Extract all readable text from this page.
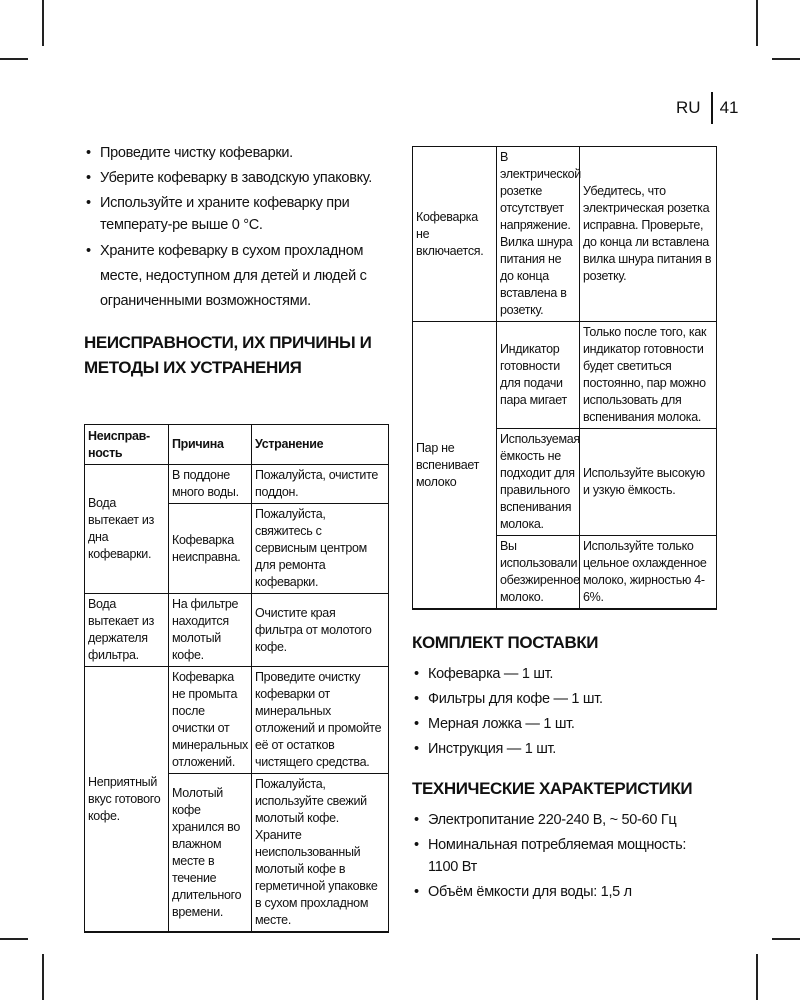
RU 41
• Проведите чистку кофеварки.
• Уберите кофеварку в заводскую упаковку.
• Используйте и храните кофеварку при температу-ре выше 0 °С.
• Храните кофеварку в сухом прохладном месте, недоступном для детей и людей с ограниченными возможностями.
НЕИСПРАВНОСТИ, ИХ ПРИЧИНЫ И МЕТОДЫ ИХ УСТРАНЕНИЯ
Неисправ-ность	Причина	Устранение
Вода вытекает из дна кофеварки.	В поддоне много воды.	Пожалуйста, очистите поддон.
	Кофеварка неисправна.	Пожалуйста, свяжитесь с сервисным центром для ремонта кофеварки.
Вода вытекает из держателя фильтра.	На фильтре находится молотый кофе.	Очистите края фильтра от молотого кофе.
Неприятный вкус готового кофе.	Кофеварка не промыта после очистки от минеральных отложений.	Проведите очистку кофеварки от минеральных отложений и промойте её от остатков чистящего средства.
	Молотый кофе хранился во влажном месте в течение длительного времени.	Пожалуйста, используйте свежий молотый кофе. Храните неиспользованный молотый кофе в герметичной упаковке в сухом прохладном месте.
Кофеварка не включается.	В электрической розетке отсутствует напряжение. Вилка шнура питания не до конца вставлена в розетку.	Убедитесь, что электрическая розетка исправна. Проверьте, до конца ли вставлена вилка шнура питания в розетку.
Пар не вспенивает молоко	Индикатор готовности для подачи пара мигает	Только после того, как индикатор готовности будет светиться постоянно, пар можно использовать для вспенивания молока.
	Используемая ёмкость не подходит для правильного вспенивания молока.	Используйте высокую и узкую ёмкость.
	Вы использовали обезжиренное молоко.	Используйте только цельное охлажденное молоко, жирностью 4-6%.
КОМПЛЕКТ ПОСТАВКИ
• Кофеварка — 1 шт.
• Фильтры для кофе — 1 шт.
• Мерная ложка — 1 шт.
• Инструкция — 1 шт.
ТЕХНИЧЕСКИЕ ХАРАКТЕРИСТИКИ
• Электропитание 220-240 В, ~ 50-60 Гц
• Номинальная потребляемая мощность: 1100 Вт
• Объём ёмкости для воды: 1,5 л
